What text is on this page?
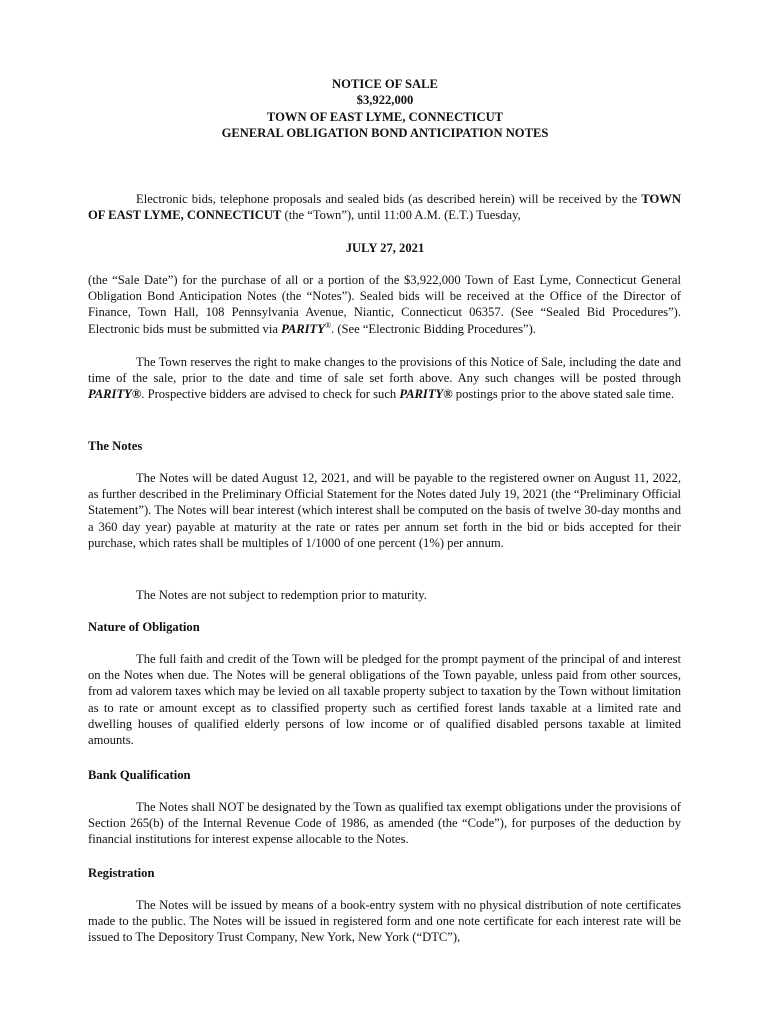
NOTICE OF SALE
$3,922,000
TOWN OF EAST LYME, CONNECTICUT
GENERAL OBLIGATION BOND ANTICIPATION NOTES

Electronic bids, telephone proposals and sealed bids (as described herein) will be received by the TOWN OF EAST LYME, CONNECTICUT (the “Town”), until 11:00 A.M. (E.T.) Tuesday,

JULY 27, 2021

(the “Sale Date”) for the purchase of all or a portion of the $3,922,000 Town of East Lyme, Connecticut General Obligation Bond Anticipation Notes (the “Notes”). Sealed bids will be received at the Office of the Director of Finance, Town Hall, 108 Pennsylvania Avenue, Niantic, Connecticut 06357. (See “Sealed Bid Procedures”). Electronic bids must be submitted via PARITY®. (See “Electronic Bidding Procedures”).

The Town reserves the right to make changes to the provisions of this Notice of Sale, including the date and time of the sale, prior to the date and time of sale set forth above. Any such changes will be posted through PARITY®. Prospective bidders are advised to check for such PARITY® postings prior to the above stated sale time.

The Notes

The Notes will be dated August 12, 2021, and will be payable to the registered owner on August 11, 2022, as further described in the Preliminary Official Statement for the Notes dated July 19, 2021 (the “Preliminary Official Statement”). The Notes will bear interest (which interest shall be computed on the basis of twelve 30-day months and a 360 day year) payable at maturity at the rate or rates per annum set forth in the bid or bids accepted for their purchase, which rates shall be multiples of 1/1000 of one percent (1%) per annum.

The Notes are not subject to redemption prior to maturity.

Nature of Obligation

The full faith and credit of the Town will be pledged for the prompt payment of the principal of and interest on the Notes when due. The Notes will be general obligations of the Town payable, unless paid from other sources, from ad valorem taxes which may be levied on all taxable property subject to taxation by the Town without limitation as to rate or amount except as to classified property such as certified forest lands taxable at a limited rate and dwelling houses of qualified elderly persons of low income or of qualified disabled persons taxable at limited amounts.

Bank Qualification

The Notes shall NOT be designated by the Town as qualified tax exempt obligations under the provisions of Section 265(b) of the Internal Revenue Code of 1986, as amended (the “Code”), for purposes of the deduction by financial institutions for interest expense allocable to the Notes.

Registration

The Notes will be issued by means of a book-entry system with no physical distribution of note certificates made to the public. The Notes will be issued in registered form and one note certificate for each interest rate will be issued to The Depository Trust Company, New York, New York (“DTC”),
